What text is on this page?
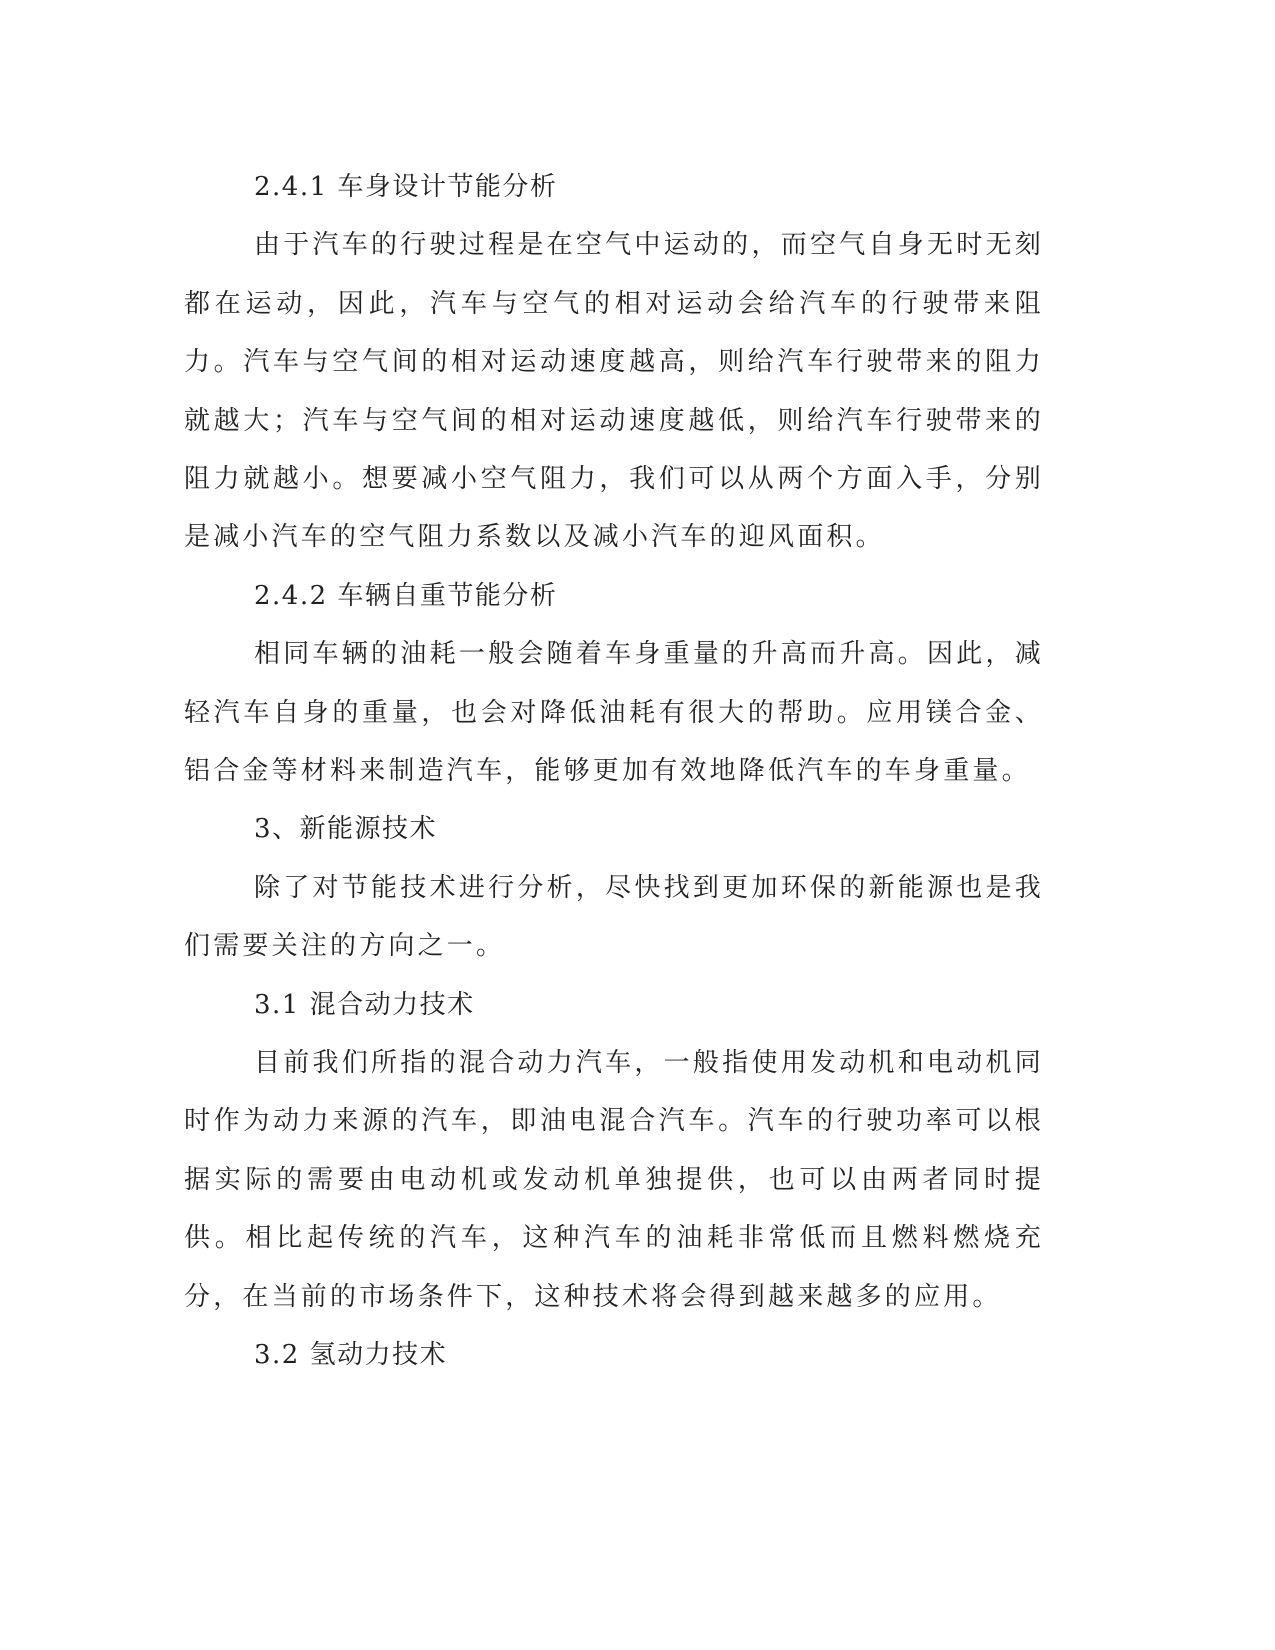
2.4.1 车身设计节能分析

由于汽车的行驶过程是在空气中运动的，而空气自身无时无刻都在运动，因此，汽车与空气的相对运动会给汽车的行驶带来阻力。汽车与空气间的相对运动速度越高，则给汽车行驶带来的阻力就越大；汽车与空气间的相对运动速度越低，则给汽车行驶带来的阻力就越小。想要减小空气阻力，我们可以从两个方面入手，分别是减小汽车的空气阻力系数以及减小汽车的迎风面积。

2.4.2 车辆自重节能分析

相同车辆的油耗一般会随着车身重量的升高而升高。因此，减轻汽车自身的重量，也会对降低油耗有很大的帮助。应用镁合金、铝合金等材料来制造汽车，能够更加有效地降低汽车的车身重量。

3、新能源技术

除了对节能技术进行分析，尽快找到更加环保的新能源也是我们需要关注的方向之一。

3.1 混合动力技术

目前我们所指的混合动力汽车，一般指使用发动机和电动机同时作为动力来源的汽车，即油电混合汽车。汽车的行驶功率可以根据实际的需要由电动机或发动机单独提供，也可以由两者同时提供。相比起传统的汽车，这种汽车的油耗非常低而且燃料燃烧充分，在当前的市场条件下，这种技术将会得到越来越多的应用。

3.2 氢动力技术
